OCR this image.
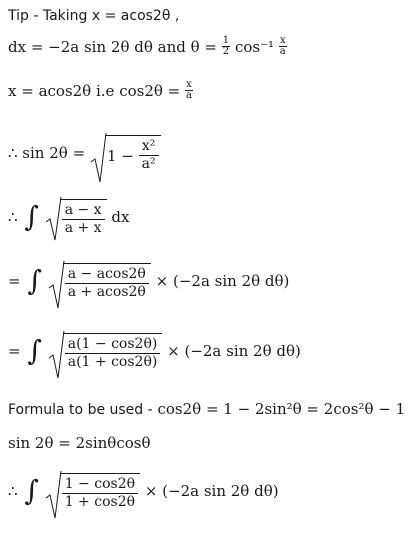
Tip - Taking x = acos2θ ,
dx = −2a sin 2θ dθ and $\theta = \frac{1}{2} \cos^{-1} \frac{x}{a}$
x = acos2θ i.e $\cos 2\theta = \frac{x}{a}$
∴ $\sin 2\theta = 1 - \frac{\text{x²}}{\text{a²}}$
∴ ∫ $\frac{a - x}{a + x}$ dx
= ∫ $\frac{a - acos2\theta}{a + acos2\theta} \times (-2a$ sin 2θ dθ)
= ∫ $\frac{a(1 - \cos 2\theta)}{a(1 + \cos 2\theta)} \times (-2a$ sin 2θ dθ)
Formula to be used - cos2θ = 1 − 2sin²θ = 2cos²θ − 1
sin 2θ = 2sinθcosθ
∴ ∫ $\frac{1 - \cos 2\theta}{1 + \cos 2\theta} \times (-2a$ sin 2θ dθ)
